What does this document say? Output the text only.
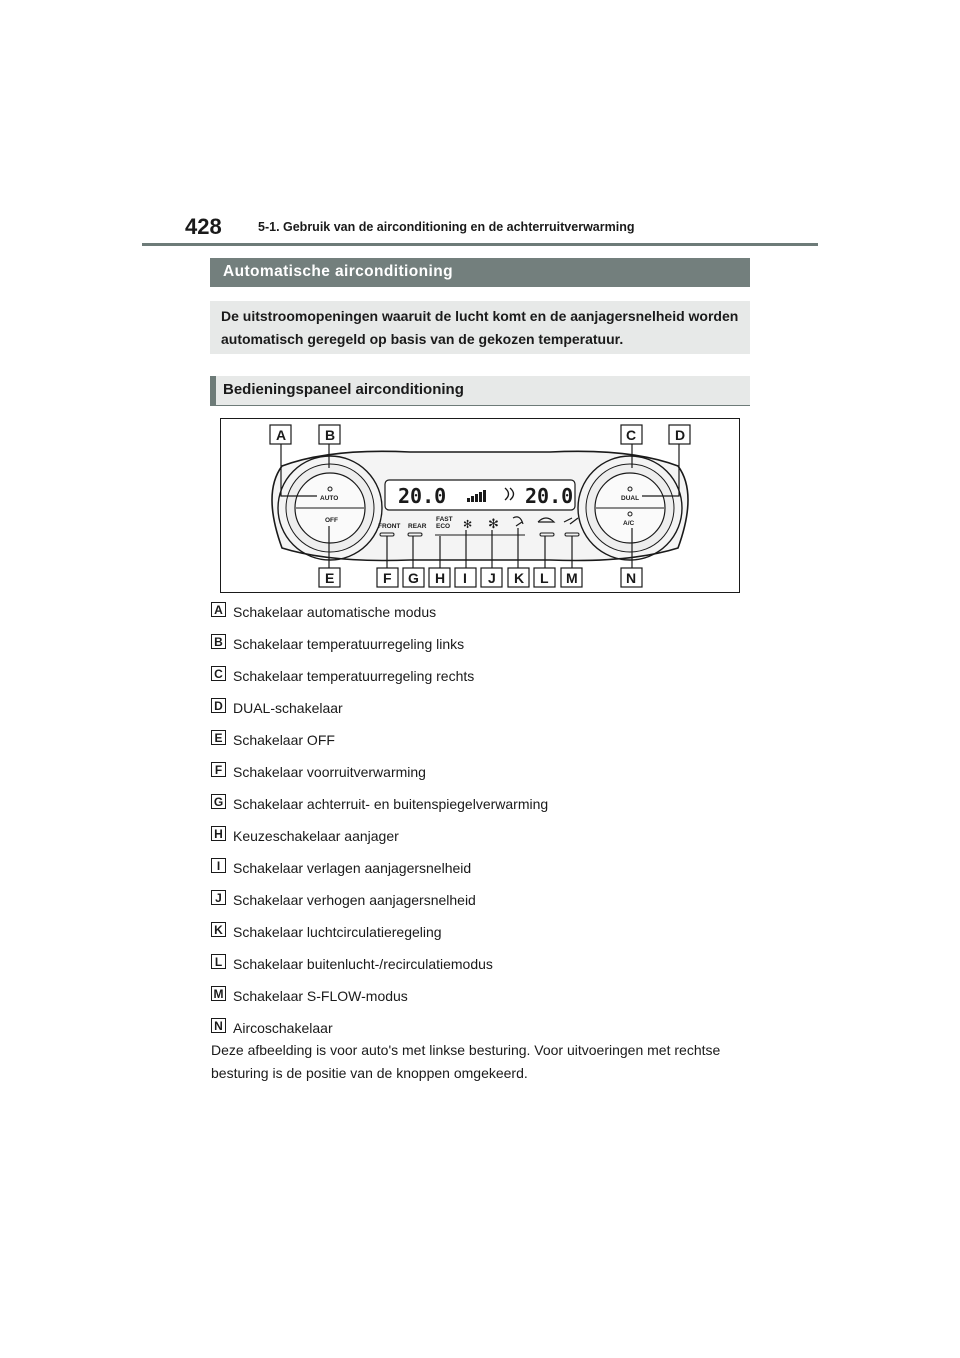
428	5-1. Gebruik van de airconditioning en de achterruitverwarming
Automatische airconditioning
De uitstroomopeningen waaruit de lucht komt en de aanjagersnelheid worden automatisch geregeld op basis van de gekozen temperatuur.
Bedieningspaneel airconditioning
AUTO
OFF
DUAL
A/C
20.0	20.0
FRONT REAR
FAST
ECO ✻ ✻
A	B	C	D
E	F G H I J K L M	N
A Schakelaar automatische modus
B Schakelaar temperatuurregeling links
C Schakelaar temperatuurregeling rechts
D DUAL-schakelaar
E Schakelaar OFF
F Schakelaar voorruitverwarming
G Schakelaar achterruit- en buitenspiegelverwarming
H Keuzeschakelaar aanjager
I Schakelaar verlagen aanjagersnelheid
J Schakelaar verhogen aanjagersnelheid
K Schakelaar luchtcirculatieregeling
L Schakelaar buitenlucht-/recirculatiemodus
M Schakelaar S-FLOW-modus
N Aircoschakelaar
Deze afbeelding is voor auto's met linkse besturing. Voor uitvoeringen met rechtse besturing is de positie van de knoppen omgekeerd.
